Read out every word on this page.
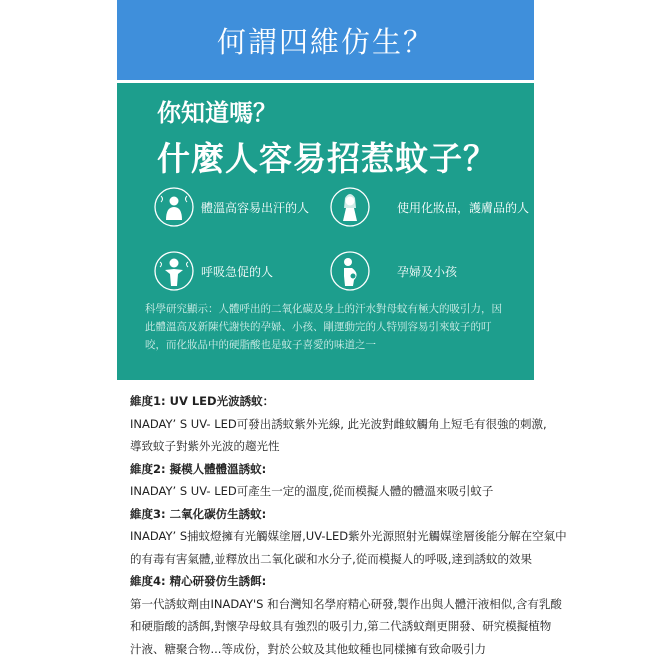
何謂四維仿生？
你知道嗎？
什麼人容易招惹蚊子？
體溫高容易出汗的人	使用化妝品，護膚品的人
呼吸急促的人	孕婦及小孩
科學研究顯示：人體呼出的二氧化碳及身上的汗水對母蚊有極大的吸引力，因此體溫高及新陳代謝快的孕婦、小孩、剛運動完的人特別容易引來蚊子的叮咬，而化妝品中的硬脂酸也是蚊子喜愛的味道之一
維度1: UV LED光波誘蚊：
INADAY’ S UV- LED可發出誘蚊紫外光線, 此光波對雌蚊觸角上短毛有很強的刺激,
導致蚊子對紫外光波的趨光性
維度2: 擬模人體體溫誘蚊:
INADAY’ S UV- LED可產生一定的溫度,從而模擬人體的體溫來吸引蚊子
維度3: 二氧化碳仿生誘蚊:
INADAY’ S捕蚊燈擁有光觸媒塗層,UV-LED紫外光源照射光觸媒塗層後能分解在空氣中
的有毒有害氣體,並釋放出二氧化碳和水分子,從而模擬人的呼吸,達到誘蚊的效果
維度4: 精心研發仿生誘餌:
第一代誘蚊劑由INADAY'S 和台灣知名學府精心研發,製作出與人體汗液相似,含有乳酸
和硬脂酸的誘餌,對懷孕母蚊具有強烈的吸引力,第二代誘蚊劑更開發、研究模擬植物
汁液、糖聚合物...等成份，對於公蚊及其他蚊種也同樣擁有致命吸引力
